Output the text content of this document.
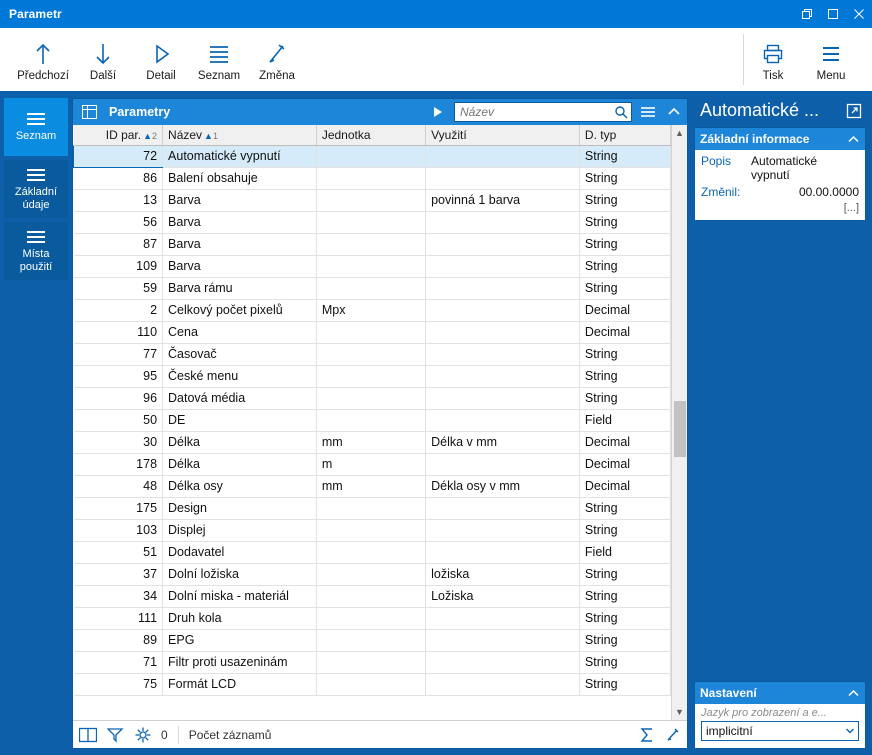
Parametr
Předchozí Další	Detail Seznam Změna	Tisk	Menu
Seznam
Základní údaje
Místa použití
Parametry
Název
ID par. ▲2	Název ▲1	Jednotka	Využití	D. typ
72	Automatické vypnutí			String
86	Balení obsahuje			String
13	Barva		povinná 1 barva	String
56	Barva			String
87	Barva			String
109	Barva			String
59	Barva rámu			String
2	Celkový počet pixelů	Mpx		Decimal
110	Cena			Decimal
77	Časovač			String
95	České menu			String
96	Datová média			String
50	DE			Field
30	Délka	mm	Délka v mm	Decimal
178	Délka	m		Decimal
48	Délka osy	mm	Dékla osy v mm	Decimal
175	Design			String
103	Displej			String
51	Dodavatel			Field
37	Dolní ložiska		ložiska	String
34	Dolní miska - materiál		Ložiska	String
111	Druh kola			String
89	EPG			String
71	Filtr proti usazeninám			String
75	Formát LCD			String
▲
▼
0 Počet záznamů
Automatické ...
Základní informace
Popis	Automatické vypnutí
Změnil:	00.00.0000
[...]
Nastavení
Jazyk pro zobrazení a e...
implicitní
